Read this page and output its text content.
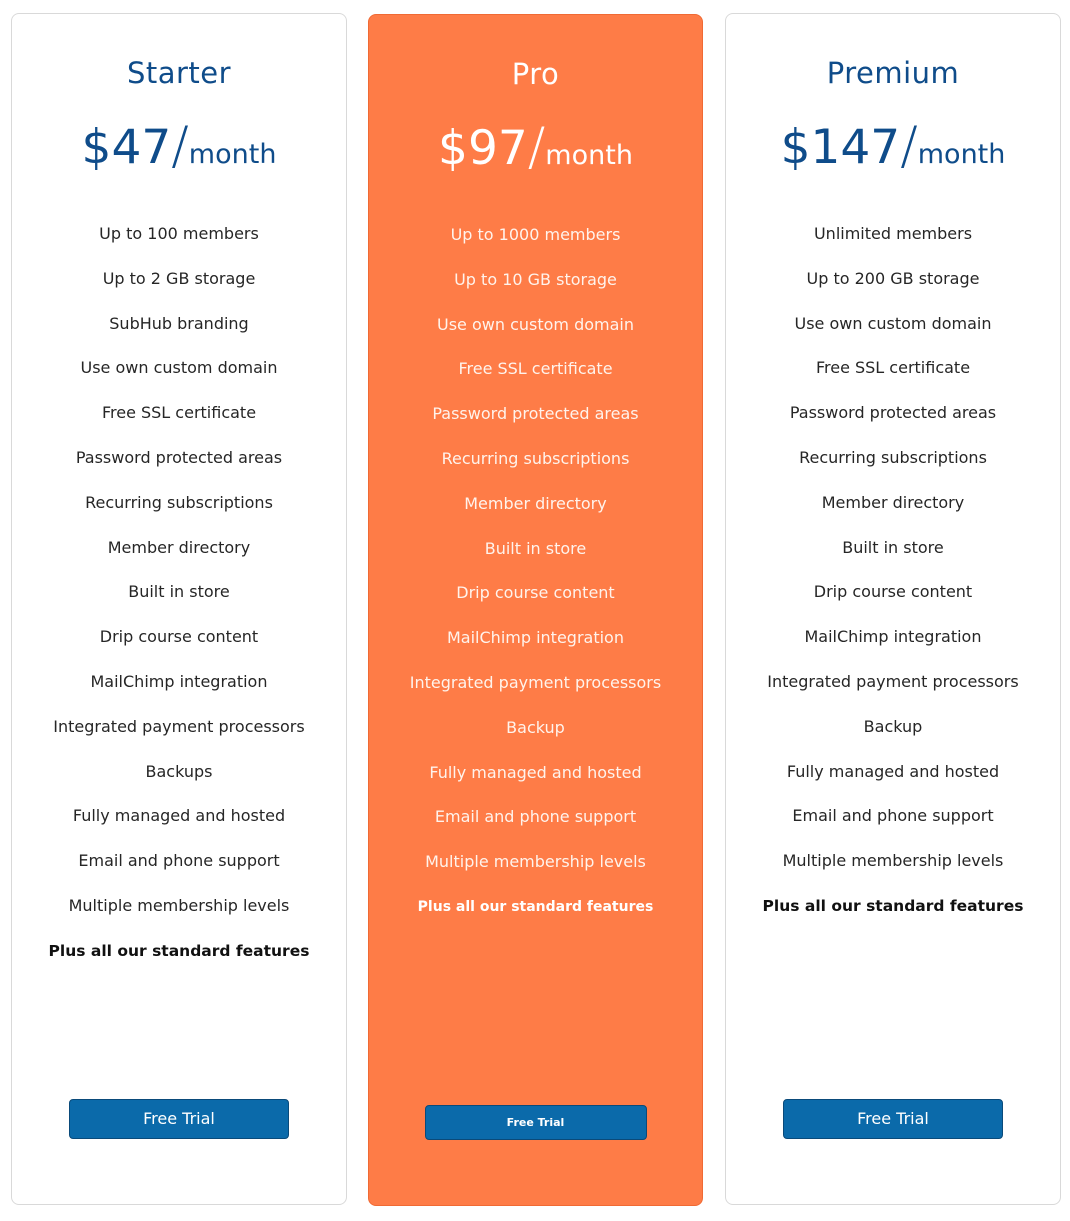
Starter
$47/month
Up to 100 members
Up to 2 GB storage
SubHub branding
Use own custom domain
Free SSL certificate
Password protected areas
Recurring subscriptions
Member directory
Built in store
Drip course content
MailChimp integration
Integrated payment processors
Backups
Fully managed and hosted
Email and phone support
Multiple membership levels
Plus all our standard features
Free Trial
Pro
$97/month
Up to 1000 members
Up to 10 GB storage
Use own custom domain
Free SSL certificate
Password protected areas
Recurring subscriptions
Member directory
Built in store
Drip course content
MailChimp integration
Integrated payment processors
Backup
Fully managed and hosted
Email and phone support
Multiple membership levels
Plus all our standard features
Free Trial
Premium
$147/month
Unlimited members
Up to 200 GB storage
Use own custom domain
Free SSL certificate
Password protected areas
Recurring subscriptions
Member directory
Built in store
Drip course content
MailChimp integration
Integrated payment processors
Backup
Fully managed and hosted
Email and phone support
Multiple membership levels
Plus all our standard features
Free Trial
